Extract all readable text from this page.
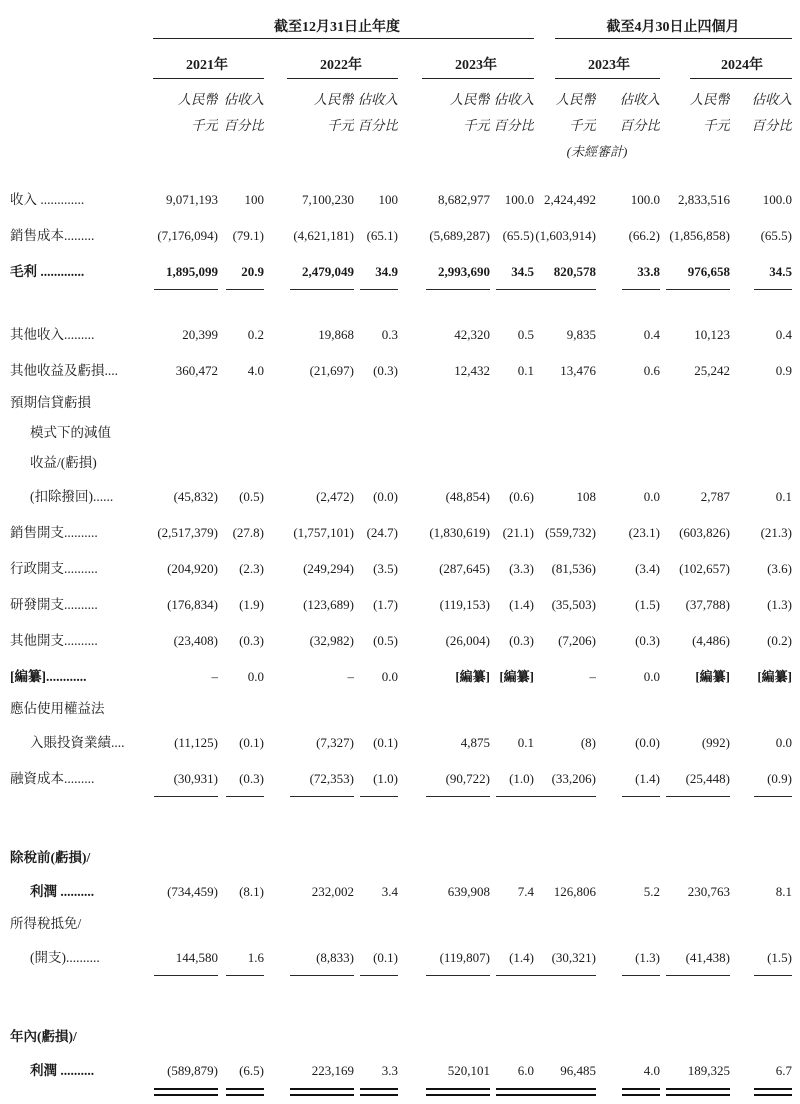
	截至12月31日止年度						截至4月30日止四個月			

	2021年		2022年		2023年		2023年		2024年	

	人民幣	佔收入	人民幣	佔收入	人民幣	佔收入	人民幣	佔收入	人民幣	佔收入
	千元	百分比	千元	百分比	千元	百分比	千元	百分比	千元	百分比
							(未經審計)			

收入 .............	9,071,193	100	7,100,230	100	8,682,977	100.0	2,424,492	100.0	2,833,516	100.0
銷售成本.........	(7,176,094)	(79.1)	(4,621,181)	(65.1)	(5,689,287)	(65.5)	(1,603,914)	(66.2)	(1,856,858)	(65.5)
毛利 .............	1,895,099	20.9	2,479,049	34.9	2,993,690	34.5	820,578	33.8	976,658	34.5

其他收入.........	20,399	0.2	19,868	0.3	42,320	0.5	9,835	0.4	10,123	0.4
其他收益及虧損....	360,472	4.0	(21,697)	(0.3)	12,432	0.1	13,476	0.6	25,242	0.9
預期信貸虧損										
模式下的減值										
收益/(虧損)										
(扣除撥回)......	(45,832)	(0.5)	(2,472)	(0.0)	(48,854)	(0.6)	108	0.0	2,787	0.1
銷售開支..........	(2,517,379)	(27.8)	(1,757,101)	(24.7)	(1,830,619)	(21.1)	(559,732)	(23.1)	(603,826)	(21.3)
行政開支..........	(204,920)	(2.3)	(249,294)	(3.5)	(287,645)	(3.3)	(81,536)	(3.4)	(102,657)	(3.6)
研發開支..........	(176,834)	(1.9)	(123,689)	(1.7)	(119,153)	(1.4)	(35,503)	(1.5)	(37,788)	(1.3)
其他開支..........	(23,408)	(0.3)	(32,982)	(0.5)	(26,004)	(0.3)	(7,206)	(0.3)	(4,486)	(0.2)
[編纂]............	–	0.0	–	0.0	[編纂]	[編纂]	–	0.0	[編纂]	[編纂]
應佔使用權益法										
入賬投資業績....	(11,125)	(0.1)	(7,327)	(0.1)	4,875	0.1	(8)	(0.0)	(992)	0.0
融資成本.........	(30,931)	(0.3)	(72,353)	(1.0)	(90,722)	(1.0)	(33,206)	(1.4)	(25,448)	(0.9)

除稅前(虧損)/										
利潤 ..........	(734,459)	(8.1)	232,002	3.4	639,908	7.4	126,806	5.2	230,763	8.1
所得稅抵免/										
(開支)..........	144,580	1.6	(8,833)	(0.1)	(119,807)	(1.4)	(30,321)	(1.3)	(41,438)	(1.5)

年內(虧損)/										
利潤 ..........	(589,879)	(6.5)	223,169	3.3	520,101	6.0	96,485	4.0	189,325	6.7
